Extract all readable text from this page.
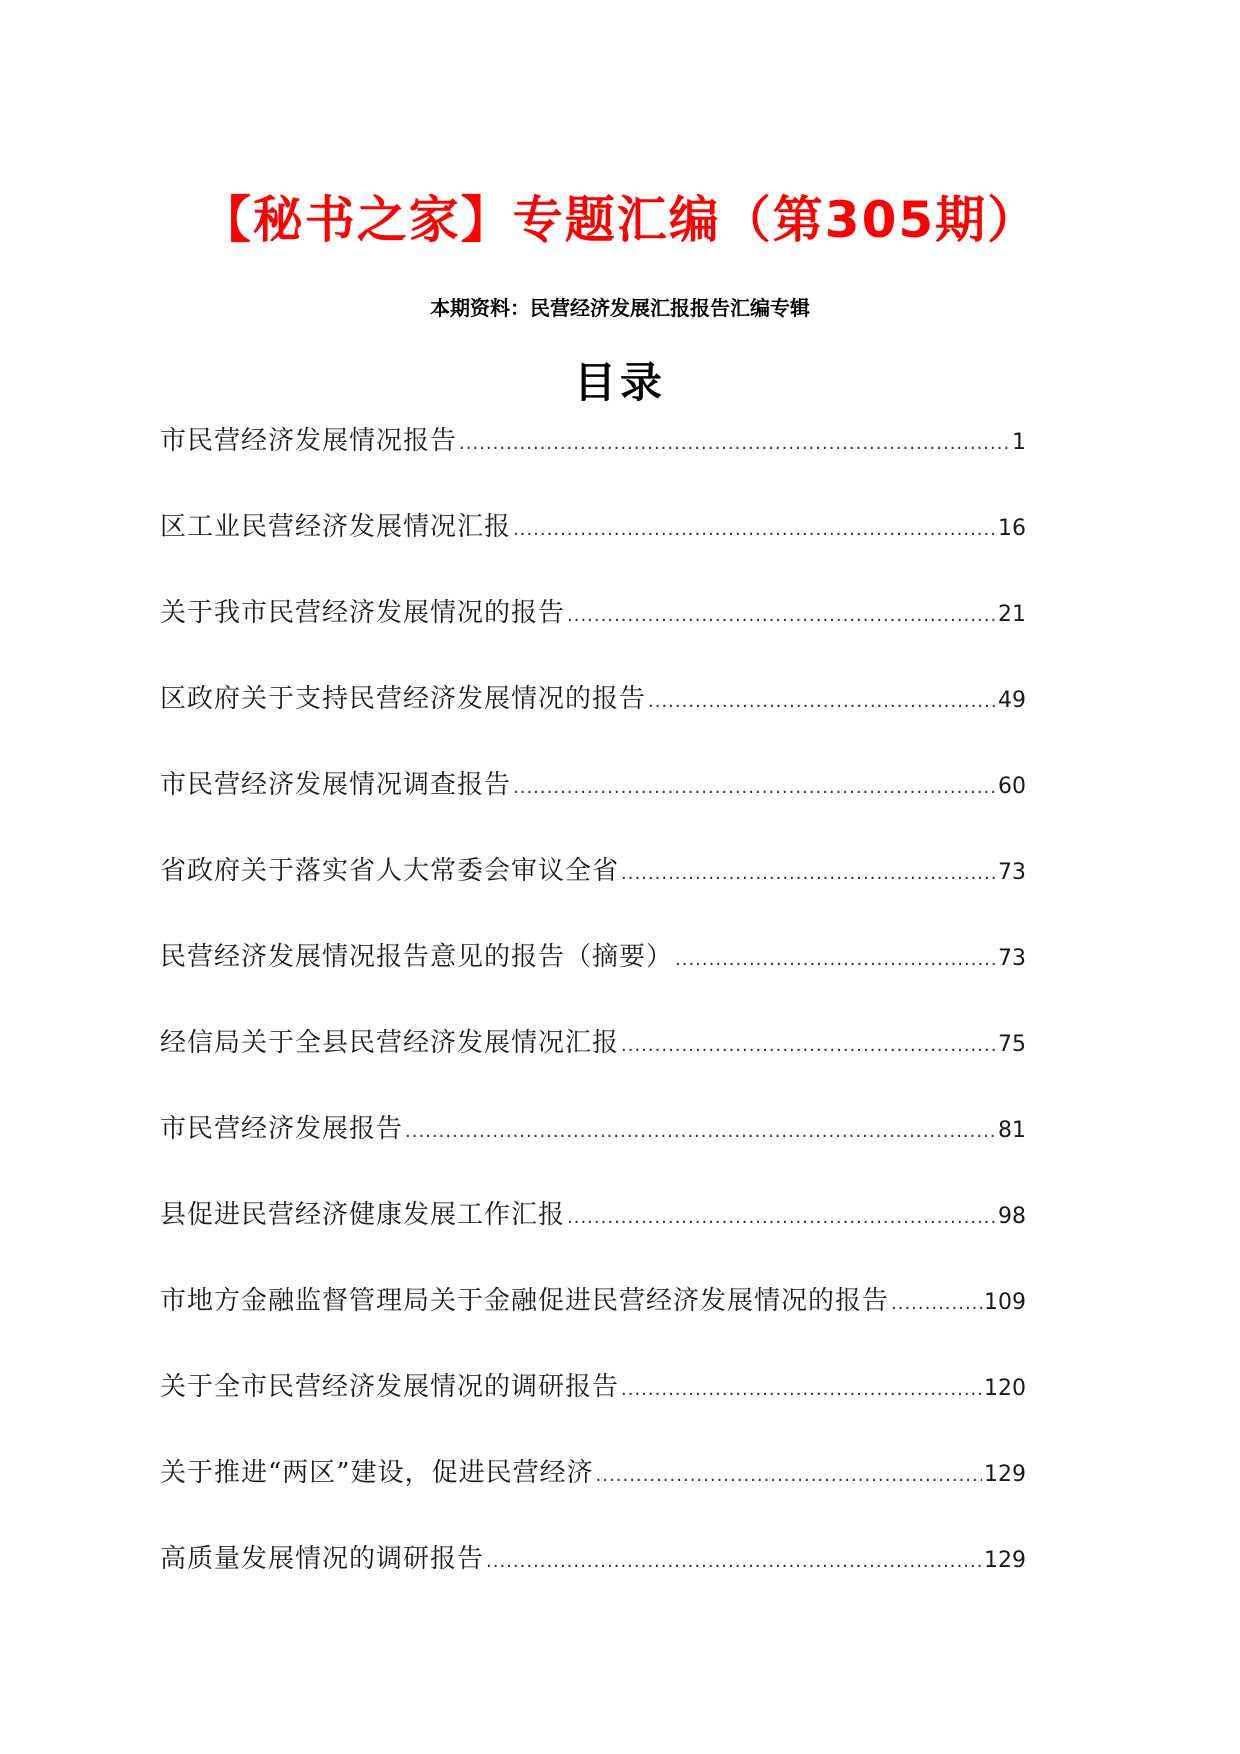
【秘书之家】专题汇编（第305期）
本期资料：民营经济发展汇报报告汇编专辑
目录
市民营经济发展情况报告 .....	1
区工业民营经济发展情况汇报 .....	16
关于我市民营经济发展情况的报告 .....	21
区政府关于支持民营经济发展情况的报告 .....	49
市民营经济发展情况调查报告 .....	60
省政府关于落实省人大常委会审议全省 .....	73
民营经济发展情况报告意见的报告（摘要） .....	73
经信局关于全县民营经济发展情况汇报 .....	75
市民营经济发展报告 .....	81
县促进民营经济健康发展工作汇报 .....	98
市地方金融监督管理局关于金融促进民营经济发展情况的报告 .....	109
关于全市民营经济发展情况的调研报告 .....	120
关于推进“两区”建设，促进民营经济 .....	129
高质量发展情况的调研报告 .....	129
